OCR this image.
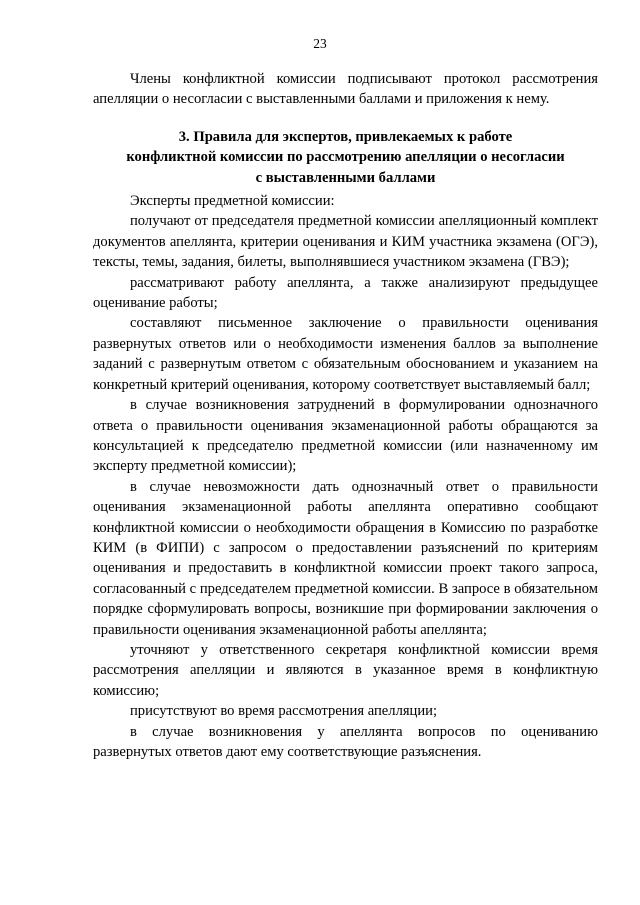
23

Члены конфликтной комиссии подписывают протокол рассмотрения апелляции о несогласии с выставленными баллами и приложения к нему.

3. Правила для экспертов, привлекаемых к работе
конфликтной комиссии по рассмотрению апелляции о несогласии
с выставленными баллами

Эксперты предметной комиссии:

получают от председателя предметной комиссии апелляционный комплект документов апеллянта, критерии оценивания и КИМ участника экзамена (ОГЭ), тексты, темы, задания, билеты, выполнявшиеся участником экзамена (ГВЭ);

рассматривают работу апеллянта, а также анализируют предыдущее оценивание работы;

составляют письменное заключение о правильности оценивания развернутых ответов или о необходимости изменения баллов за выполнение заданий с развернутым ответом с обязательным обоснованием и указанием на конкретный критерий оценивания, которому соответствует выставляемый балл;

в случае возникновения затруднений в формулировании однозначного ответа о правильности оценивания экзаменационной работы обращаются за консультацией к председателю предметной комиссии (или назначенному им эксперту предметной комиссии);

в случае невозможности дать однозначный ответ о правильности оценивания экзаменационной работы апеллянта оперативно сообщают конфликтной комиссии о необходимости обращения в Комиссию по разработке КИМ (в ФИПИ) с запросом о предоставлении разъяснений по критериям оценивания и предоставить в конфликтной комиссии проект такого запроса, согласованный с председателем предметной комиссии. В запросе в обязательном порядке сформулировать вопросы, возникшие при формировании заключения о правильности оценивания экзаменационной работы апеллянта;

уточняют у ответственного секретаря конфликтной комиссии время рассмотрения апелляции и являются в указанное время в конфликтную комиссию;

присутствуют во время рассмотрения апелляции;

в случае возникновения у апеллянта вопросов по оцениванию развернутых ответов дают ему соответствующие разъяснения.
